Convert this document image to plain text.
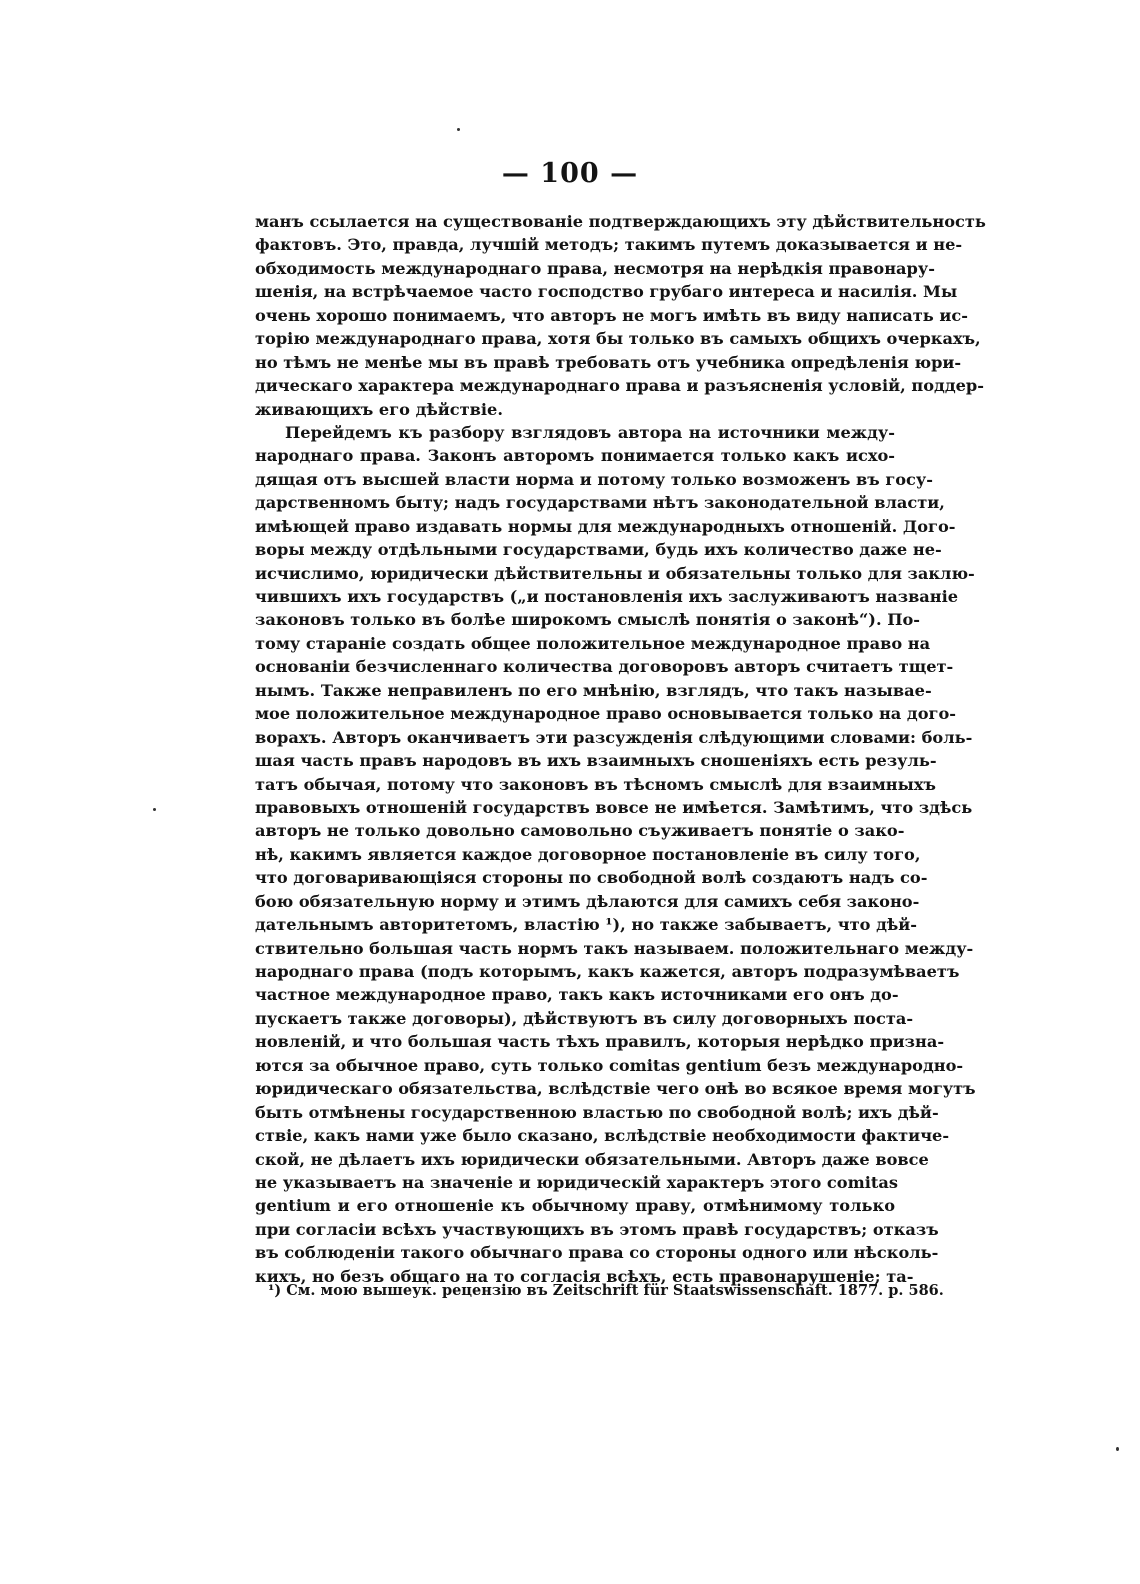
— 100 —
манъ ссылается на существованіе подтверждающихъ эту дѣйствительность
фактовъ. Это, правда, лучшій методъ; такимъ путемъ доказывается и не-
обходимость международнаго права, несмотря на нерѣдкія правонару-
шенія, на встрѣчаемое часто господство грубаго интереса и насилія. Мы
очень хорошо понимаемъ, что авторъ не могъ имѣть въ виду написать ис-
торію международнаго права, хотя бы только въ самыхъ общихъ очеркахъ,
но тѣмъ не менѣе мы въ правѣ требовать отъ учебника опредѣленія юри-
дическаго характера международнаго права и разъясненія условій, поддер-
живающихъ его дѣйствіе.
Перейдемъ къ разбору взглядовъ автора на источники между-
народнаго права. Законъ авторомъ понимается только какъ исхо-
дящая отъ высшей власти норма и потому только возможенъ въ госу-
дарственномъ быту; надъ государствами нѣтъ законодательной власти,
имѣющей право издавать нормы для международныхъ отношеній. Дого-
воры между отдѣльными государствами, будь ихъ количество даже не-
исчислимо, юридически дѣйствительны и обязательны только для заклю-
чившихъ ихъ государствъ („и постановленія ихъ заслуживаютъ названіе
законовъ только въ болѣе широкомъ смыслѣ понятія о законѣ“). По-
тому стараніе создать общее положительное международное право на
основаніи безчисленнаго количества договоровъ авторъ считаетъ тщет-
нымъ. Также неправиленъ по его мнѣнію, взглядъ, что такъ называе-
мое положительное международное право основывается только на дого-
ворахъ. Авторъ оканчиваетъ эти разсужденія слѣдующими словами: боль-
шая часть правъ народовъ въ ихъ взаимныхъ сношеніяхъ есть резуль-
татъ обычая, потому что законовъ въ тѣсномъ смыслѣ для взаимныхъ
правовыхъ отношеній государствъ вовсе не имѣется. Замѣтимъ, что здѣсь
авторъ не только довольно самовольно съуживаетъ понятіе о зако-
нѣ, какимъ является каждое договорное постановленіе въ силу того,
что договаривающіяся стороны по свободной волѣ создаютъ надъ со-
бою обязательную норму и этимъ дѣлаются для самихъ себя законо-
дательнымъ авторитетомъ, властію ¹), но также забываетъ, что дѣй-
ствительно большая часть нормъ такъ называем. положительнаго между-
народнаго права (подъ которымъ, какъ кажется, авторъ подразумѣваетъ
частное международное право, такъ какъ источниками его онъ до-
пускаетъ также договоры), дѣйствуютъ въ силу договорныхъ поста-
новленій, и что большая часть тѣхъ правилъ, которыя нерѣдко призна-
ются за обычное право, суть только comitas gentium безъ международно-
юридическаго обязательства, вслѣдствіе чего онѣ во всякое время могутъ
быть отмѣнены государственною властью по свободной волѣ; ихъ дѣй-
ствіе, какъ нами уже было сказано, вслѣдствіе необходимости фактиче-
ской, не дѣлаетъ ихъ юридически обязательными. Авторъ даже вовсе
не указываетъ на значеніе и юридическій характеръ этого comitas
gentium и его отношеніе къ обычному праву, отмѣнимому только
при согласіи всѣхъ участвующихъ въ этомъ правѣ государствъ; отказъ
въ соблюденіи такого обычнаго права со стороны одного или нѣсколь-
кихъ, но безъ общаго на то согласія всѣхъ, есть правонарушеніе; та-
¹) См. мою вышеук. рецензію въ Zeitschrift für Staatswissenschaft. 1877. p. 586.
